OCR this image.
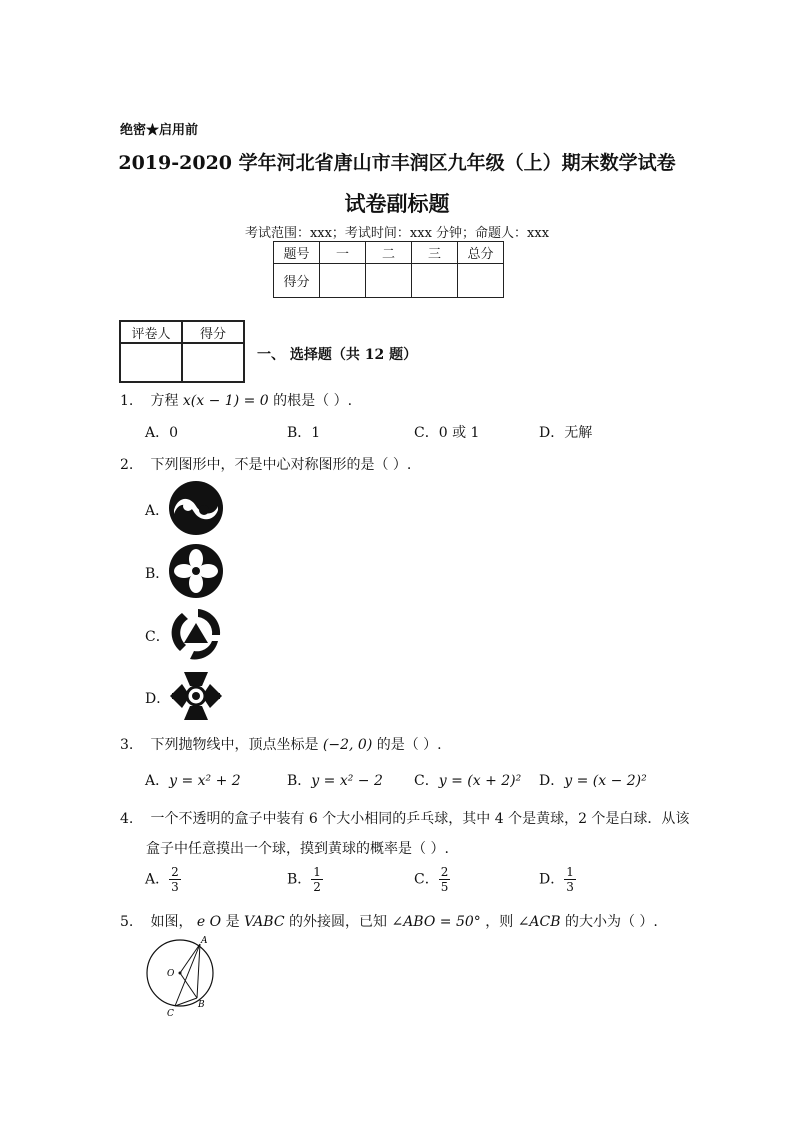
绝密★启用前
2019-2020 学年河北省唐山市丰润区九年级（上）期末数学试卷
试卷副标题
考试范围：xxx；考试时间：xxx 分钟；命题人：xxx
题号	一	二	三	总分
得分				
评卷人	得分

一、 选择题（共 12 题）
1. 方程 x(x − 1) = 0 的根是（ ）.
A．0	B．1	C．0 或 1	D．无解
2. 下列图形中，不是中心对称图形的是（ ）.
A．
B．
C．
D．
3. 下列抛物线中，顶点坐标是 (−2, 0) 的是（ ）.
A．y = x² + 2	B．y = x² − 2 C．y = (x + 2)² D．y = (x − 2)²
4. 一个不透明的盒子中装有 6 个大小相同的乒乓球，其中 4 个是黄球，2 个是白球．从该
盒子中任意摸出一个球，摸到黄球的概率是（ ）.
A． $\frac{2}{3}$	B． $\frac{1}{2}$	C． $\frac{2}{5}$	D． $\frac{1}{3}$
5. 如图， e O 是 VABC 的外接圆，已知 ∠ABO = 50° ，则 ∠ACB 的大小为（ ）.
A
O
B
C
